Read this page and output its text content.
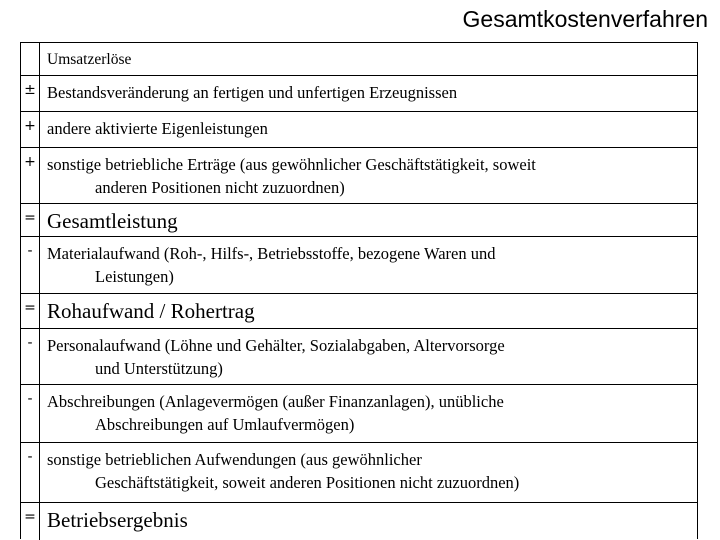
Gesamtkostenverfahren
Umsatzerlöse
± Bestandsveränderung an fertigen und unfertigen Erzeugnissen
+ andere aktivierte Eigenleistungen
+ sonstige betriebliche Erträge (aus gewöhnlicher Geschäftstätigkeit, soweit
anderen Positionen nicht zuzuordnen)
= Gesamtleistung
- Materialaufwand (Roh-, Hilfs-, Betriebsstoffe, bezogene Waren und
Leistungen)
= Rohaufwand / Rohertrag
- Personalaufwand (Löhne und Gehälter, Sozialabgaben, Altervorsorge
und Unterstützung)
- Abschreibungen (Anlagevermögen (außer Finanzanlagen), unübliche
Abschreibungen auf Umlaufvermögen)
- sonstige betrieblichen Aufwendungen (aus gewöhnlicher
Geschäftstätigkeit, soweit anderen Positionen nicht zuzuordnen)
= Betriebsergebnis
